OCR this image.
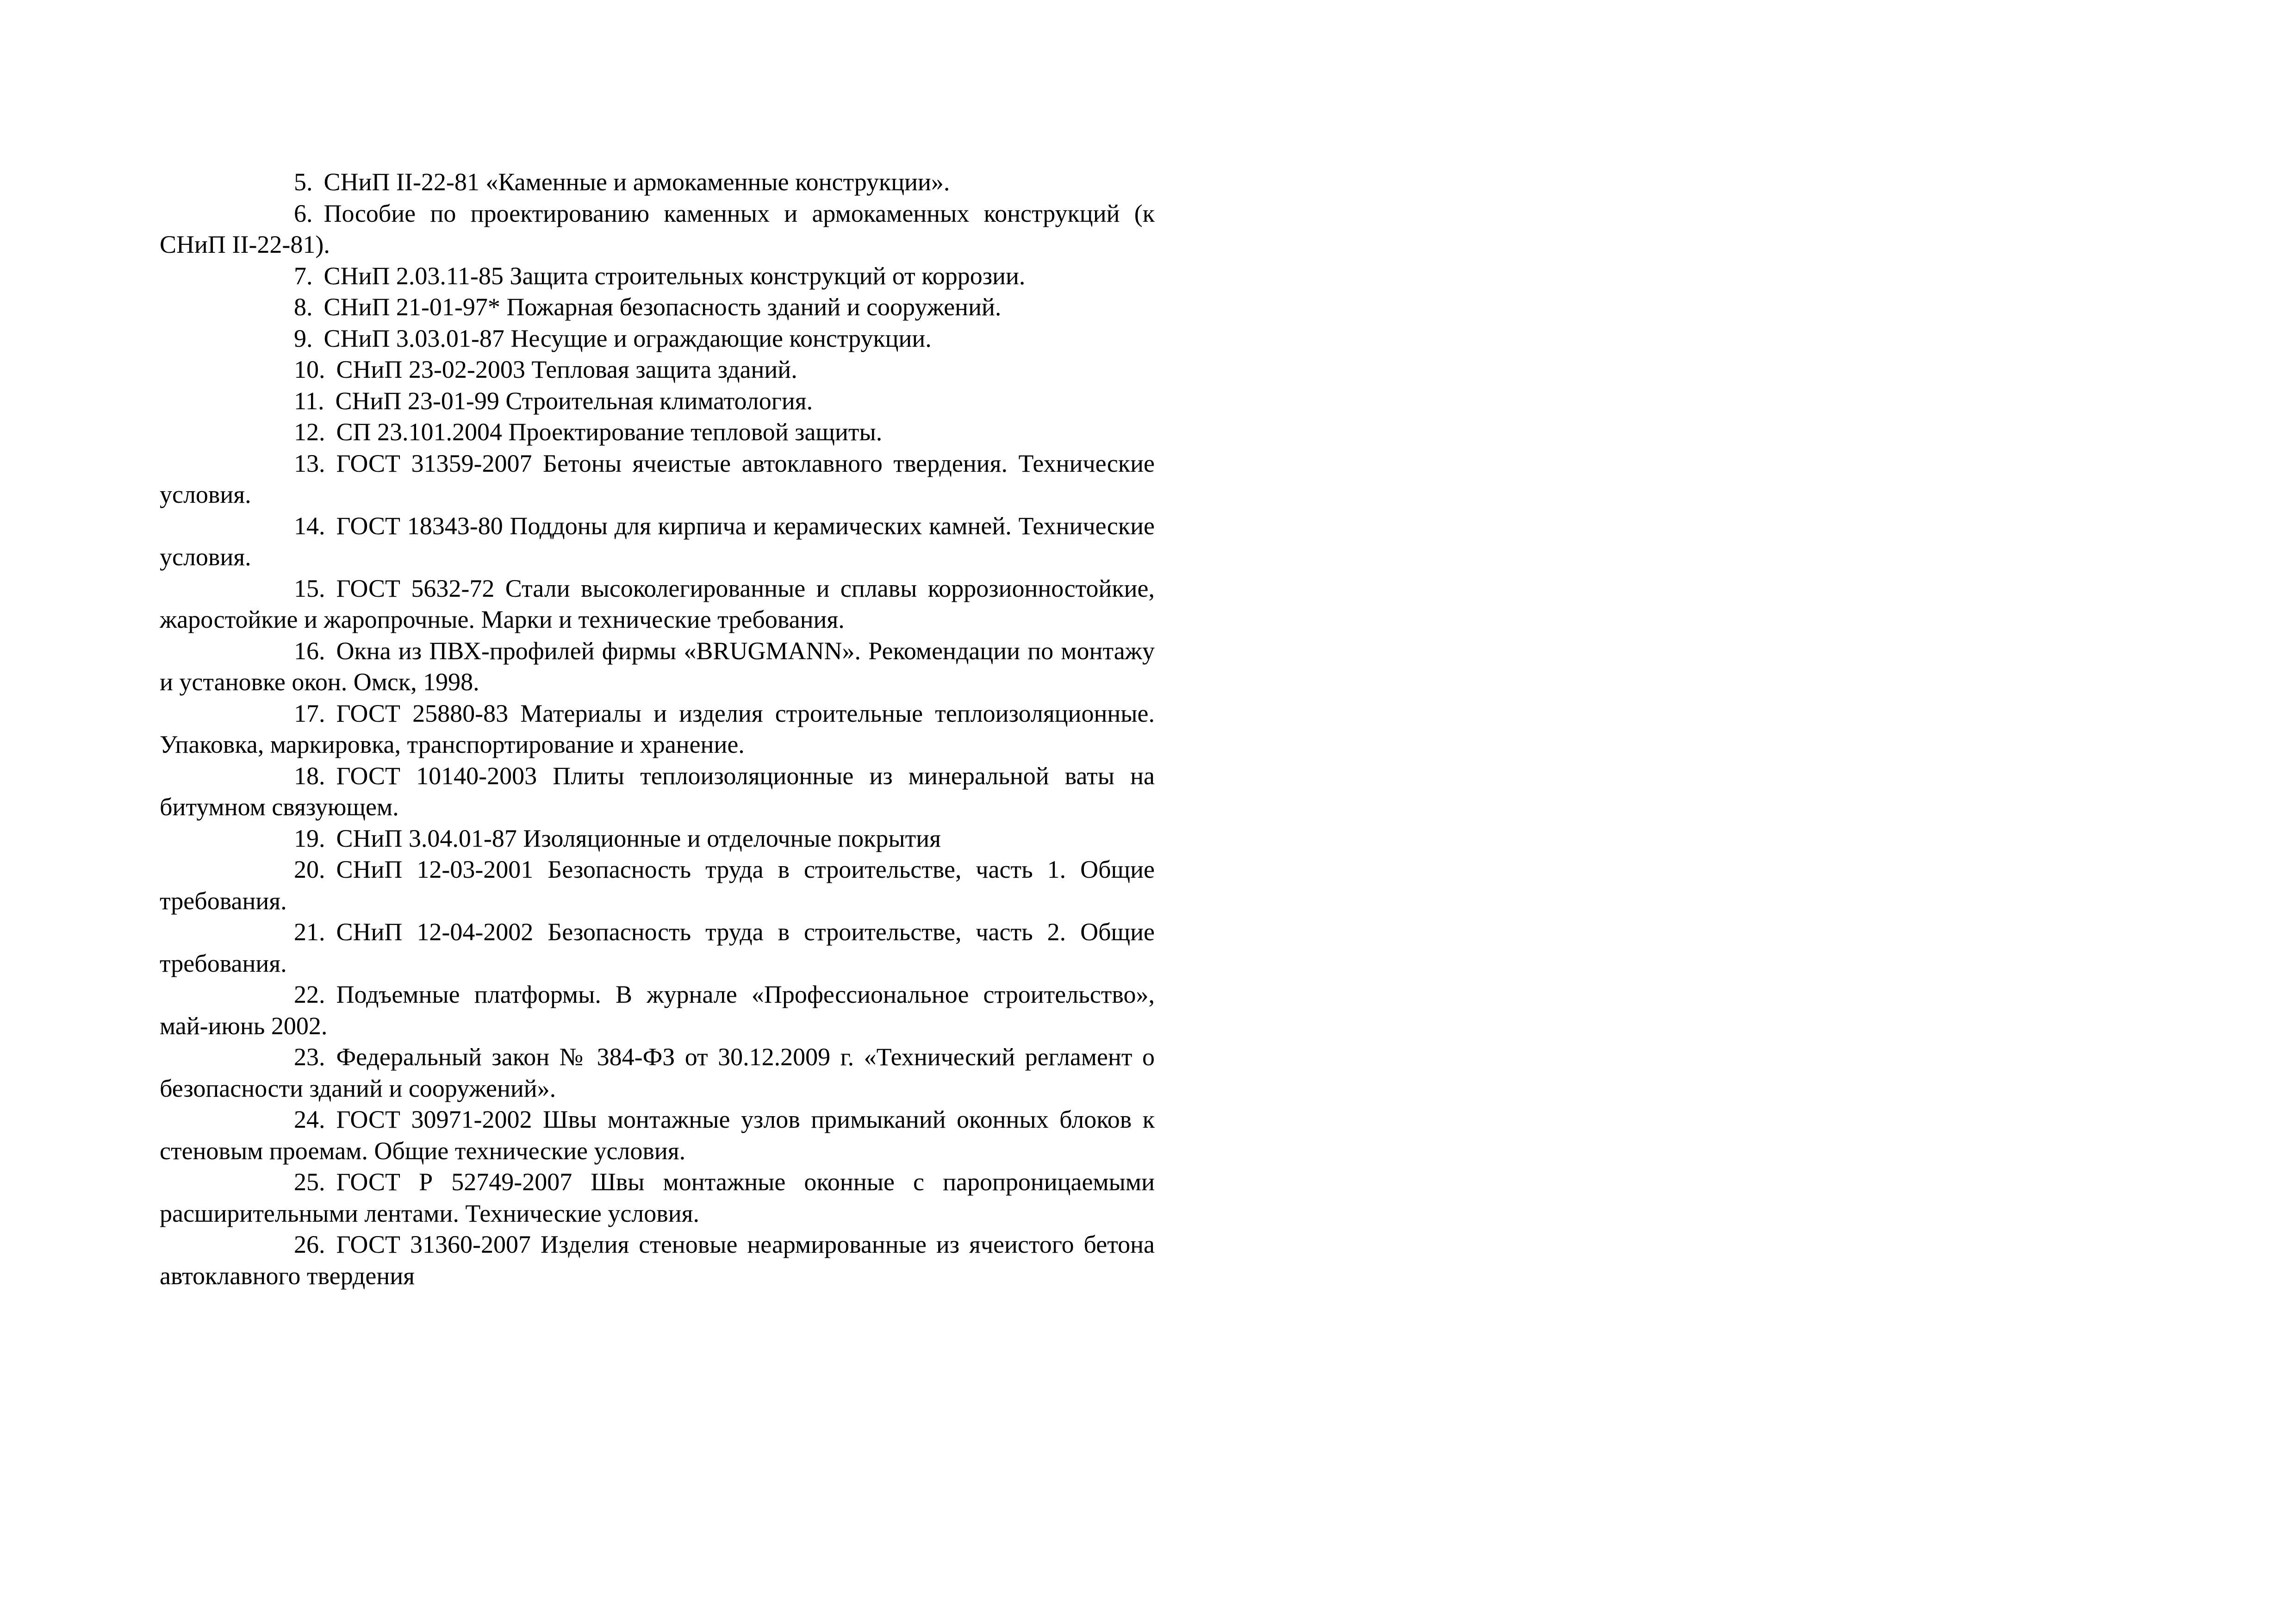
5. СНиП II-22-81 «Каменные и армокаменные конструкции».

6. Пособие по проектированию каменных и армокаменных конструкций (к СНиП II-22-81).

7. СНиП 2.03.11-85 Защита строительных конструкций от коррозии.

8. СНиП 21-01-97* Пожарная безопасность зданий и сооружений.

9. СНиП 3.03.01-87 Несущие и ограждающие конструкции.

10. СНиП 23-02-2003 Тепловая защита зданий.

11. СНиП 23-01-99 Строительная климатология.

12. СП 23.101.2004 Проектирование тепловой защиты.

13. ГОСТ 31359-2007 Бетоны ячеистые автоклавного твердения. Технические условия.

14. ГОСТ 18343-80 Поддоны для кирпича и керамических камней. Технические условия.

15. ГОСТ 5632-72 Стали высоколегированные и сплавы коррозионностойкие, жаростойкие и жаропрочные. Марки и технические требования.

16. Окна из ПВХ-профилей фирмы «BRUGMANN». Рекомендации по монтажу и установке окон. Омск, 1998.

17. ГОСТ 25880-83 Материалы и изделия строительные теплоизоляционные. Упаковка, маркировка, транспортирование и хранение.

18. ГОСТ 10140-2003 Плиты теплоизоляционные из минеральной ваты на битумном связующем.

19. СНиП 3.04.01-87 Изоляционные и отделочные покрытия

20. СНиП 12-03-2001 Безопасность труда в строительстве, часть 1. Общие требования.

21. СНиП 12-04-2002 Безопасность труда в строительстве, часть 2. Общие требования.

22. Подъемные платформы. В журнале «Профессиональное строительство», май-июнь 2002.

23. Федеральный закон № 384-ФЗ от 30.12.2009 г. «Технический регламент о безопасности зданий и сооружений».

24. ГОСТ 30971-2002 Швы монтажные узлов примыканий оконных блоков к стеновым проемам. Общие технические условия.

25. ГОСТ Р 52749-2007 Швы монтажные оконные с паропроницаемыми расширительными лентами. Технические условия.

26. ГОСТ 31360-2007 Изделия стеновые неармированные из ячеистого бетона автоклавного твердения
